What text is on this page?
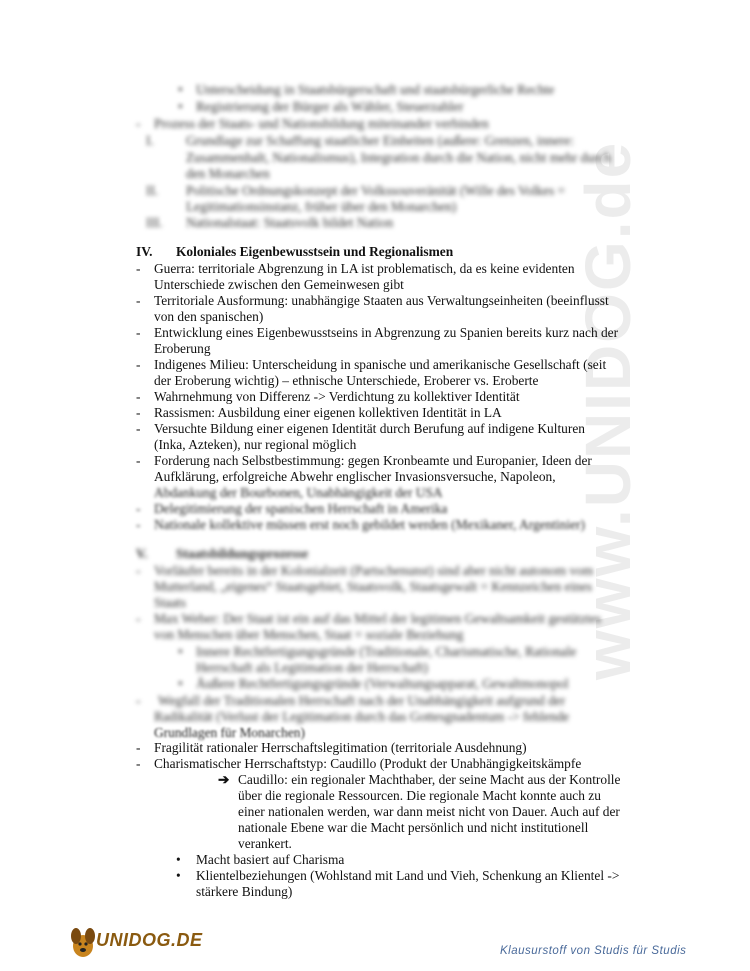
www.UNIDOG.de
• Unterscheidung in Staatsbürgerschaft und staatsbürgerliche Rechte
• Registrierung der Bürger als Wähler, Steuerzahler
- Prozess der Staats- und Nationsbildung miteinander verbinden
I. Grundlage zur Schaffung staatlicher Einheiten (außere: Grenzen, innere:
Zusammenhalt, Nationalismus), Integration durch die Nation, nicht mehr durch
den Monarchen
II. Politische Ordnungskonzept der Volkssouveränität (Wille des Volkes =
Legitimationsinstanz, früher über den Monarchen)
III. Nationalstaat: Staatsvolk bildet Nation
IV. Koloniales Eigenbewusstsein und Regionalismen
- Guerra: territoriale Abgrenzung in LA ist problematisch, da es keine evidenten
Unterschiede zwischen den Gemeinwesen gibt
- Territoriale Ausformung: unabhängige Staaten aus Verwaltungseinheiten (beeinflusst
von den spanischen)
- Entwicklung eines Eigenbewusstseins in Abgrenzung zu Spanien bereits kurz nach der
Eroberung
- Indigenes Milieu: Unterscheidung in spanische und amerikanische Gesellschaft (seit
der Eroberung wichtig) – ethnische Unterschiede, Eroberer vs. Eroberte
- Wahrnehmung von Differenz -> Verdichtung zu kollektiver Identität
- Rassismen: Ausbildung einer eigenen kollektiven Identität in LA
- Versuchte Bildung einer eigenen Identität durch Berufung auf indigene Kulturen
(Inka, Azteken), nur regional möglich
- Forderung nach Selbstbestimmung: gegen Kronbeamte und Europanier, Ideen der
Aufklärung, erfolgreiche Abwehr englischer Invasionsversuche, Napoleon,
Abdankung der Bourbonen, Unabhängigkeit der USA
- Delegitimierung der spanischen Herrschaft in Amerika
- Nationale kollektive müssen erst noch gebildet werden (Mexikaner, Argentinier)
V. Staatsbildungsprozesse
- Vorläufer bereits in der Kolonialzeit (Partschenunst) sind aber nicht autonom vom
Mutterland, „eigenes“ Staatsgebiet, Staatsvolk, Staatsgewalt = Kennzeichen eines
Staats
- Max Weber: Der Staat ist ein auf das Mittel der legitimen Gewaltsamkeit gestütztes
von Menschen über Menschen, Staat = soziale Beziehung
• Innere Rechtfertigungsgründe (Traditionale, Charismatische, Rationale
Herrschaft als Legitimation der Herrschaft)
• Äußere Rechtfertigungsgründe (Verwaltungsapparat, Gewaltmonopol
- Wegfall der Traditionalen Herrschaft nach der Unabhängigkeit aufgrund der
Radikalität (Verlust der Legitimation durch das Gottesgnadentum -> fehlende
Grundlagen für Monarchen)
- Fragilität rationaler Herrschaftslegitimation (territoriale Ausdehnung)
- Charismatischer Herrschaftstyp: Caudillo (Produkt der Unabhängigkeitskämpfe
➔ Caudillo: ein regionaler Machthaber, der seine Macht aus der Kontrolle
über die regionale Ressourcen. Die regionale Macht konnte auch zu
einer nationalen werden, war dann meist nicht von Dauer. Auch auf der
nationale Ebene war die Macht persönlich und nicht institutionell
verankert.
• Macht basiert auf Charisma
• Klientelbeziehungen (Wohlstand mit Land und Vieh, Schenkung an Klientel ->
stärkere Bindung)
UNIDOG.DE
Klausurstoff von Studis für Studis
